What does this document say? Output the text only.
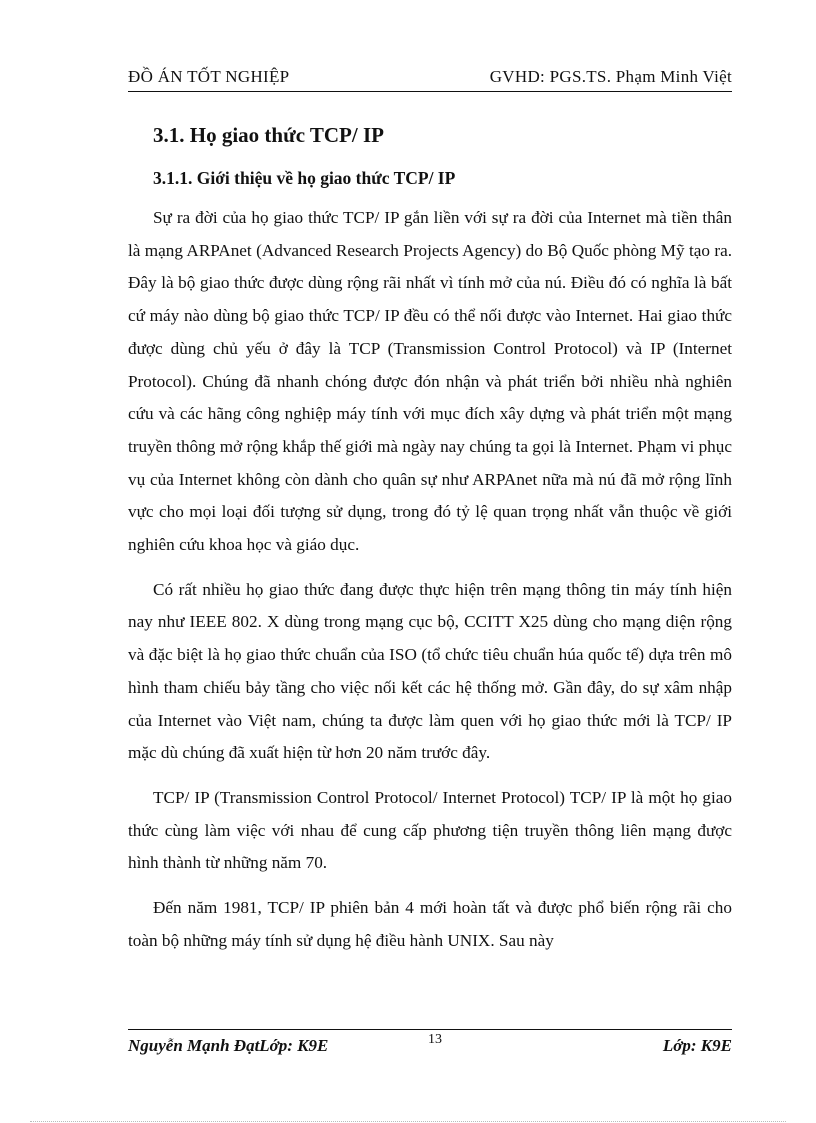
ĐỒ ÁN TỐT NGHIỆP	GVHD: PGS.TS. Phạm Minh Việt
3.1. Họ giao thức TCP/ IP
3.1.1. Giới thiệu về họ giao thức TCP/ IP

Sự ra đời của họ giao thức TCP/ IP gắn liền với sự ra đời của Internet mà tiền thân là mạng ARPAnet (Advanced Research Projects Agency) do Bộ Quốc phòng Mỹ tạo ra. Đây là bộ giao thức được dùng rộng rãi nhất vì tính mở của nú. Điều đó có nghĩa là bất cứ máy nào dùng bộ giao thức TCP/ IP đều có thể nối được vào Internet. Hai giao thức được dùng chủ yếu ở đây là TCP (Transmission Control Protocol) và IP (Internet Protocol). Chúng đã nhanh chóng được đón nhận và phát triển bởi nhiều nhà nghiên cứu và các hãng công nghiệp máy tính với mục đích xây dựng và phát triển một mạng truyền thông mở rộng khắp thế giới mà ngày nay chúng ta gọi là Internet. Phạm vi phục vụ của Internet không còn dành cho quân sự như ARPAnet nữa mà nú đã mở rộng lĩnh vực cho mọi loại đối tượng sử dụng, trong đó tỷ lệ quan trọng nhất vẫn thuộc về giới nghiên cứu khoa học và giáo dục.

Có rất nhiều họ giao thức đang được thực hiện trên mạng thông tin máy tính hiện nay như IEEE 802. X dùng trong mạng cục bộ, CCITT X25 dùng cho mạng diện rộng và đặc biệt là họ giao thức chuẩn của ISO (tổ chức tiêu chuẩn húa quốc tế) dựa trên mô hình tham chiếu bảy tầng cho việc nối kết các hệ thống mở. Gần đây, do sự xâm nhập của Internet vào Việt nam, chúng ta được làm quen với họ giao thức mới là TCP/ IP mặc dù chúng đã xuất hiện từ hơn 20 năm trước đây.

TCP/ IP (Transmission Control Protocol/ Internet Protocol) TCP/ IP là một họ giao thức cùng làm việc với nhau để cung cấp phương tiện truyền thông liên mạng được hình thành từ những năm 70.

Đến năm 1981, TCP/ IP phiên bản 4 mới hoàn tất và được phổ biến rộng rãi cho toàn bộ những máy tính sử dụng hệ điều hành UNIX. Sau này

Nguyễn Mạnh ĐạtLớp: K9E	13	Lớp: K9E
